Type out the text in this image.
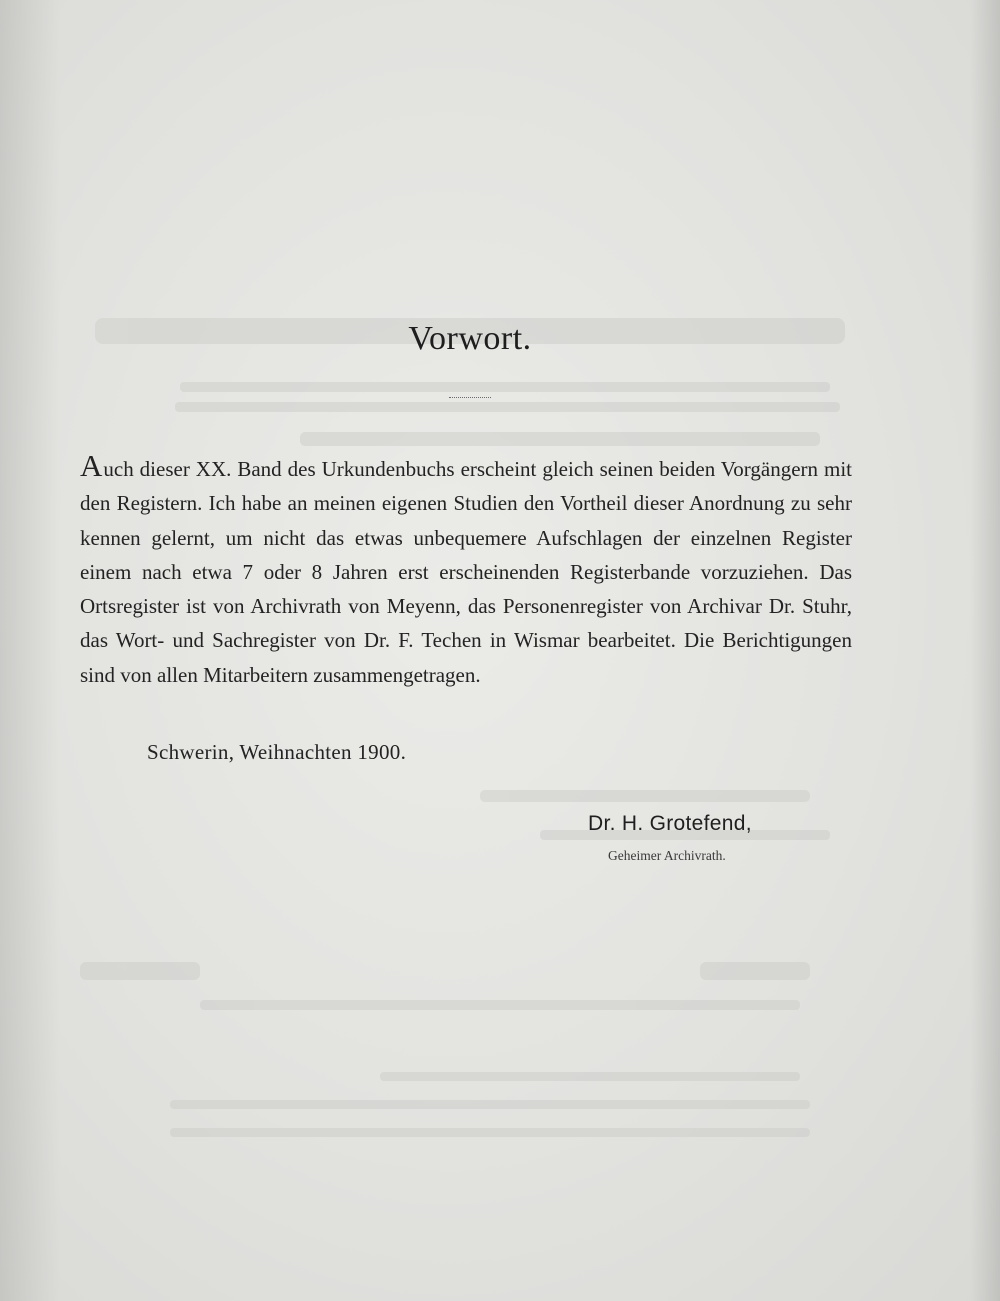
Vorwort.
Auch dieser XX. Band des Urkundenbuchs erscheint gleich seinen beiden Vorgängern mit den Registern. Ich habe an meinen eigenen Studien den Vortheil dieser Anordnung zu sehr kennen gelernt, um nicht das etwas unbequemere Aufschlagen der einzelnen Register einem nach etwa 7 oder 8 Jahren erst erscheinenden Registerbande vorzuziehen. Das Ortsregister ist von Archivrath von Meyenn, das Personenregister von Archivar Dr. Stuhr, das Wort- und Sachregister von Dr. F. Techen in Wismar bearbeitet. Die Berichtigungen sind von allen Mitarbeitern zusammengetragen.
Schwerin, Weihnachten 1900.
Dr. H. Grotefend,
Geheimer Archivrath.
